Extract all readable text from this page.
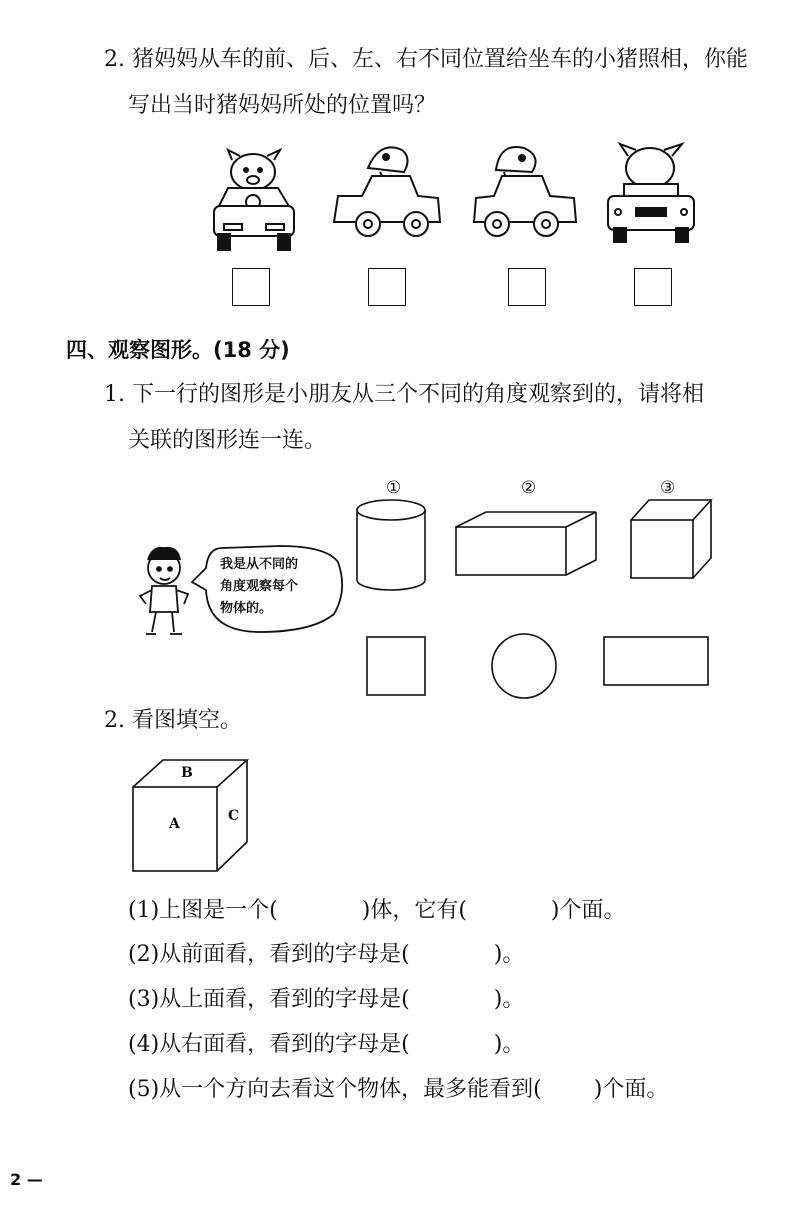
2. 猪妈妈从车的前、后、左、右不同位置给坐车的小猪照相，你能
写出当时猪妈妈所处的位置吗？
四、观察图形。(18 分)
1. 下一行的图形是小朋友从三个不同的角度观察到的，请将相
关联的图形连一连。
①	②	③
我是从不同的
角度观察每个
物体的。
2. 看图填空。
B
A	C
(1)上图是一个(	)体，它有(	)个面。
(2)从前面看，看到的字母是(	)。
(3)从上面看，看到的字母是(	)。
(4)从右面看，看到的字母是(	)。
(5)从一个方向去看这个物体，最多能看到( )个面。
2 —
